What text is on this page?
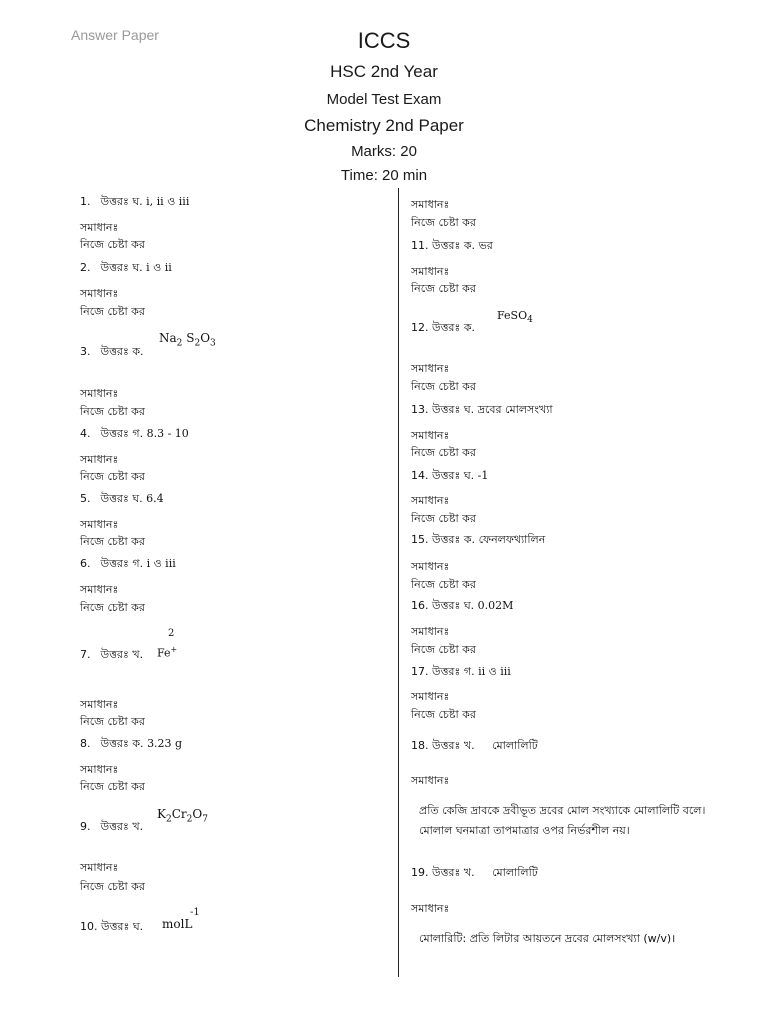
Answer Paper	ICCS
HSC 2nd Year
Model Test Exam
Chemistry 2nd Paper
Marks: 20
Time: 20 min
1. উত্তরঃ ঘ. i, ii ও iii
সমাধানঃ
নিজে চেষ্টা কর
2. উত্তরঃ ঘ. i ও ii
সমাধানঃ
নিজে চেষ্টা কর
3. উত্তরঃ ক.
$Na_2$ $S_2O_3$
সমাধানঃ
নিজে চেষ্টা কর
4. উত্তরঃ গ. 8.3 - 10
সমাধানঃ
নিজে চেষ্টা কর
5. উত্তরঃ ঘ. 6.4
সমাধানঃ
নিজে চেষ্টা কর
6. উত্তরঃ গ. i ও iii
সমাধানঃ
নিজে চেষ্টা কর
7. উত্তরঃ খ.
2
Fe+
সমাধানঃ
নিজে চেষ্টা কর
8. উত্তরঃ ক. 3.23 g
সমাধানঃ
নিজে চেষ্টা কর
9. উত্তরঃ খ.
$K_2Cr_2O_7$
সমাধানঃ
নিজে চেষ্টা কর
10. উত্তরঃ ঘ. molL
-1
সমাধানঃ
নিজে চেষ্টা কর
11. উত্তরঃ ক. ভর
সমাধানঃ
নিজে চেষ্টা কর
12. উত্তরঃ ক.
FeSO$_4$
সমাধানঃ
নিজে চেষ্টা কর
13. উত্তরঃ ঘ. দ্রবের মোলসংখ্যা
সমাধানঃ
নিজে চেষ্টা কর
14. উত্তরঃ ঘ. -1
সমাধানঃ
নিজে চেষ্টা কর
15. উত্তরঃ ক. ফেনলফথ্যালিন
সমাধানঃ
নিজে চেষ্টা কর
16. উত্তরঃ ঘ. 0.02M
সমাধানঃ
নিজে চেষ্টা কর
17. উত্তরঃ গ. ii ও iii
সমাধানঃ
নিজে চেষ্টা কর
18. উত্তরঃ খ. মোলালিটি
সমাধানঃ
প্রতি কেজি দ্রাবকে দ্রবীভূত দ্রবের মোল সংখ্যাকে মোলালিটি বলে।
মোলাল ঘনমাত্রা তাপমাত্রার ওপর নির্ভরশীল নয়।
19. উত্তরঃ খ. মোলালিটি
সমাধানঃ
মোলারিটি: প্রতি লিটার আয়তনে দ্রবের মোলসংখ্যা (w/v)।
